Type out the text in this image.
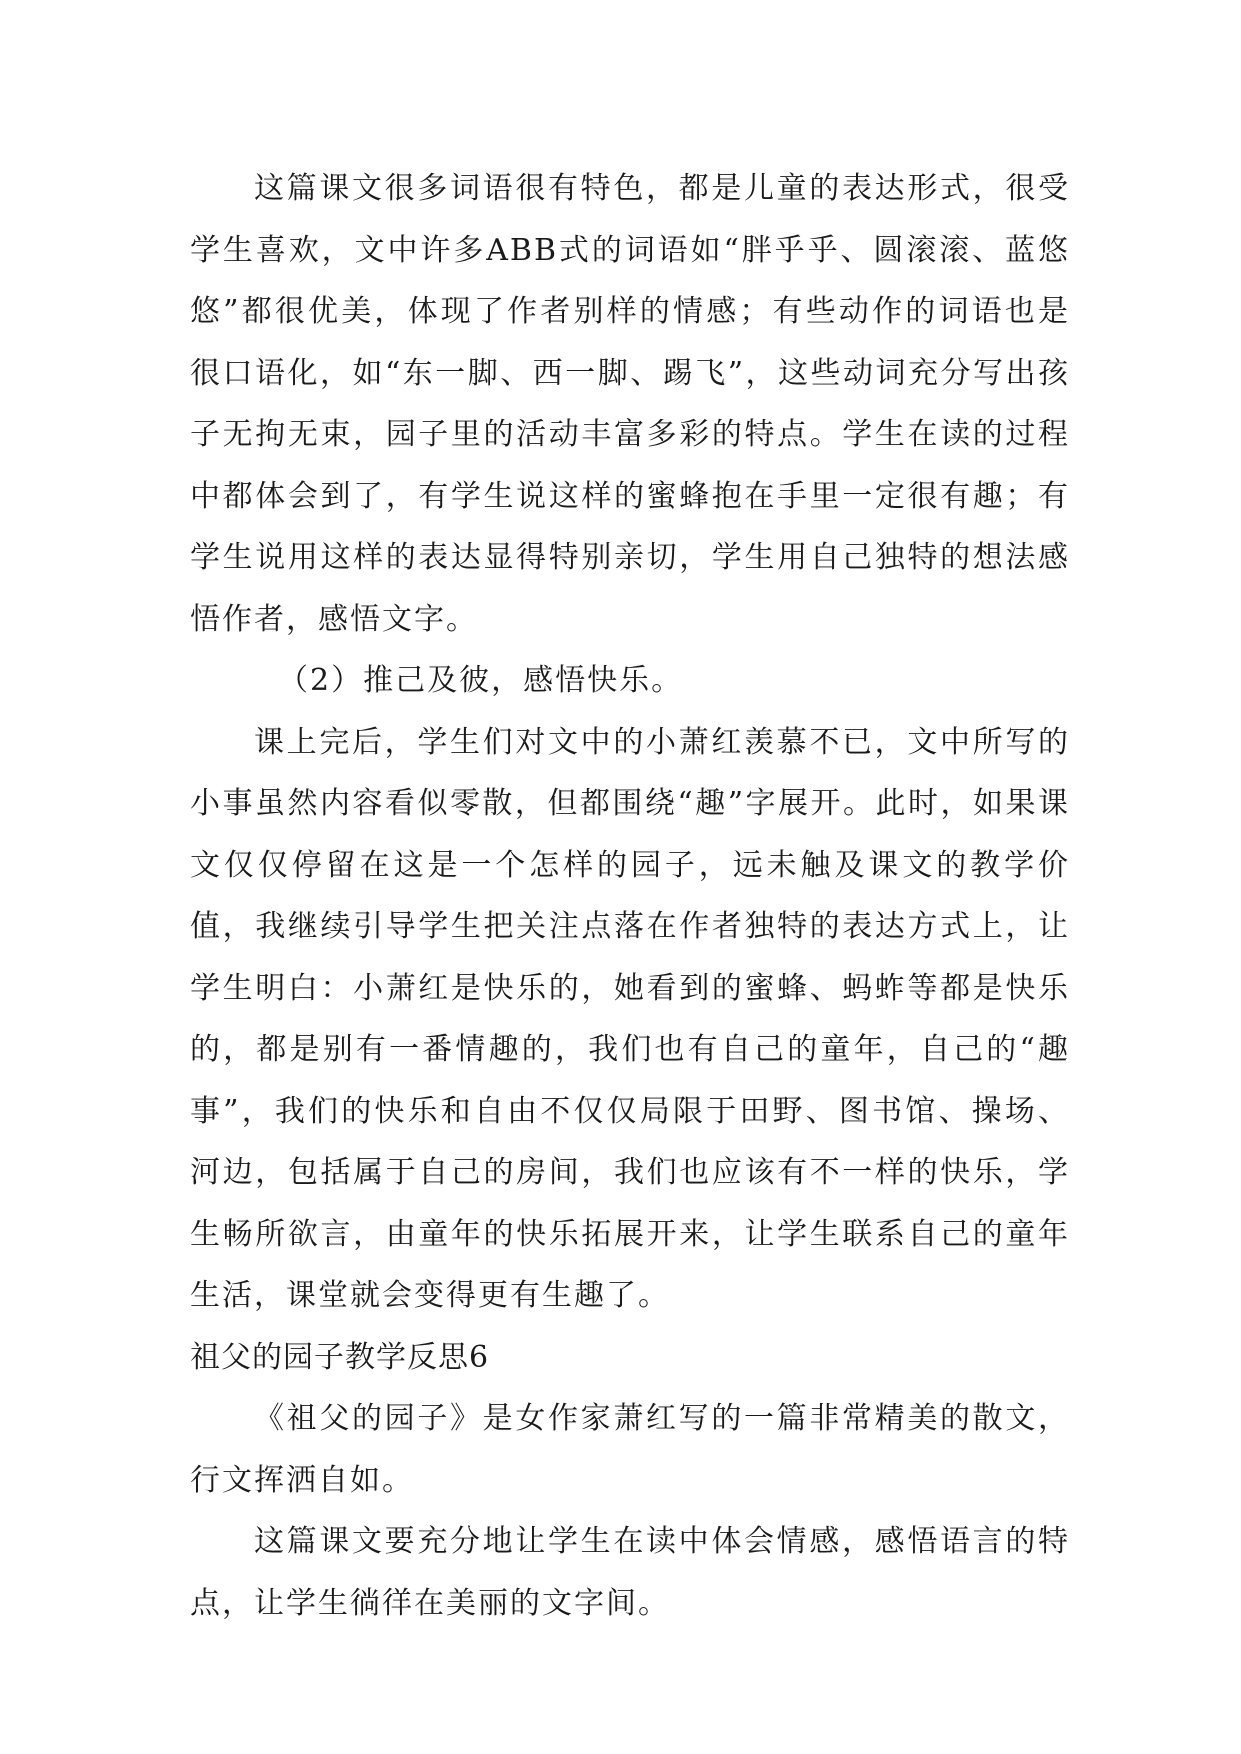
这篇课文很多词语很有特色，都是儿童的表达形式，很受学生喜欢，文中许多ABB式的词语如“胖乎乎、圆滚滚、蓝悠悠”都很优美，体现了作者别样的情感；有些动作的词语也是很口语化，如“东一脚、西一脚、踢飞”，这些动词充分写出孩子无拘无束，园子里的活动丰富多彩的特点。学生在读的过程中都体会到了，有学生说这样的蜜蜂抱在手里一定很有趣；有学生说用这样的表达显得特别亲切，学生用自己独特的想法感悟作者，感悟文字。

（2）推己及彼，感悟快乐。

课上完后，学生们对文中的小萧红羡慕不已，文中所写的小事虽然内容看似零散，但都围绕“趣”字展开。此时，如果课文仅仅停留在这是一个怎样的园子，远未触及课文的教学价值，我继续引导学生把关注点落在作者独特的表达方式上，让学生明白：小萧红是快乐的，她看到的蜜蜂、蚂蚱等都是快乐的，都是别有一番情趣的，我们也有自己的童年，自己的“趣事”，我们的快乐和自由不仅仅局限于田野、图书馆、操场、河边，包括属于自己的房间，我们也应该有不一样的快乐，学生畅所欲言，由童年的快乐拓展开来，让学生联系自己的童年生活，课堂就会变得更有生趣了。

祖父的园子教学反思6

《祖父的园子》是女作家萧红写的一篇非常精美的散文，行文挥洒自如。

这篇课文要充分地让学生在读中体会情感，感悟语言的特点，让学生徜徉在美丽的文字间。
